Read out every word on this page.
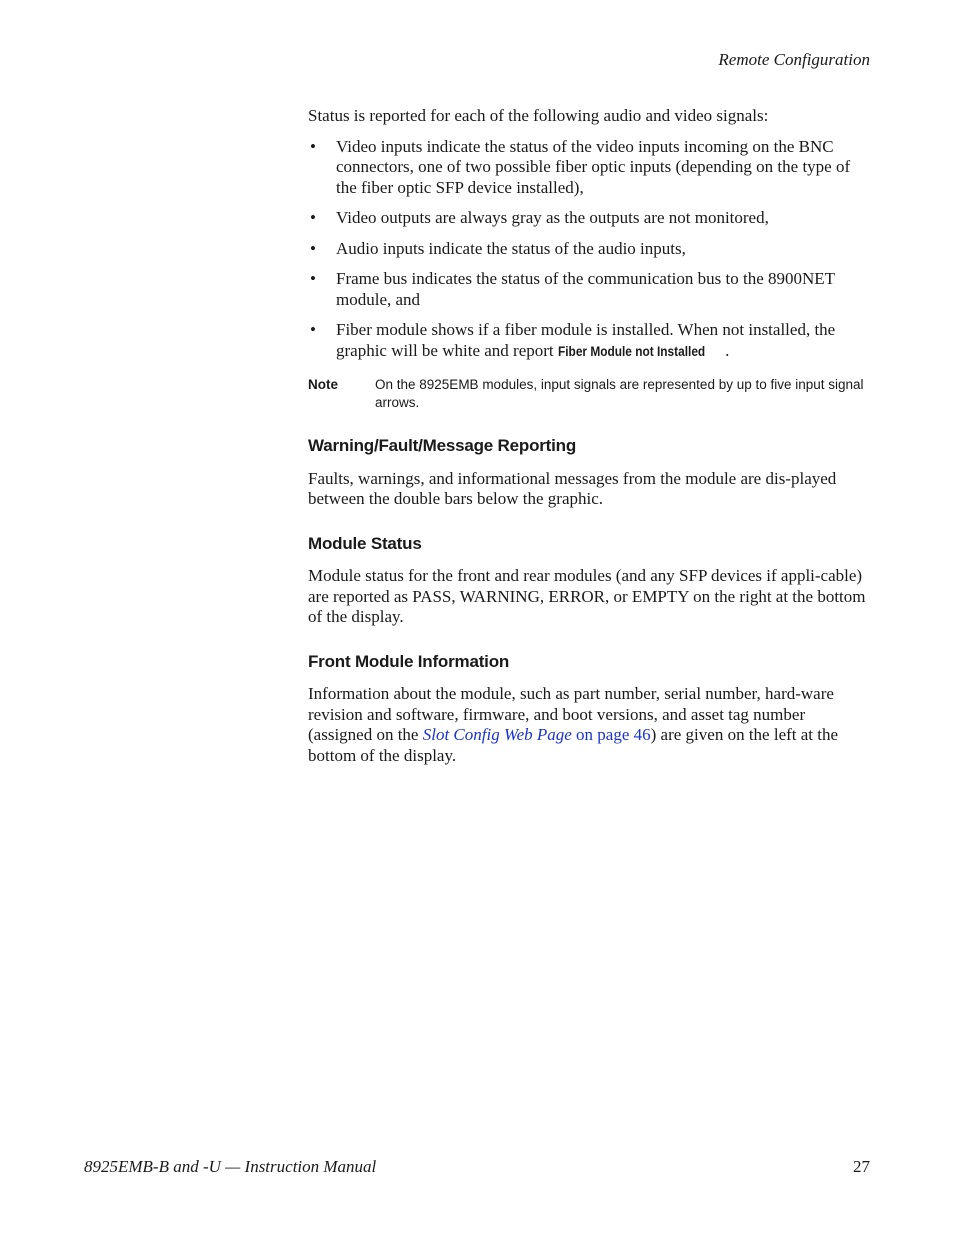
Remote Configuration

Status is reported for each of the following audio and video signals:

• Video inputs indicate the status of the video inputs incoming on the BNC connectors, one of two possible fiber optic inputs (depending on the type of the fiber optic SFP device installed),
• Video outputs are always gray as the outputs are not monitored,
• Audio inputs indicate the status of the audio inputs,
• Frame bus indicates the status of the communication bus to the 8900NET module, and
• Fiber module shows if a fiber module is installed. When not installed, the graphic will be white and report Fiber Module not Installed .
Note	On the 8925EMB modules, input signals are represented by up to five input signal arrows.
Warning/Fault/Message Reporting

Faults, warnings, and informational messages from the module are dis-played between the double bars below the graphic.

Module Status

Module status for the front and rear modules (and any SFP devices if appli-cable) are reported as PASS, WARNING, ERROR, or EMPTY on the right at the bottom of the display.

Front Module Information

Information about the module, such as part number, serial number, hard-ware revision and software, firmware, and boot versions, and asset tag number (assigned on the Slot Config Web Page on page 46) are given on the left at the bottom of the display.

8925EMB-B and -U — Instruction Manual	27
